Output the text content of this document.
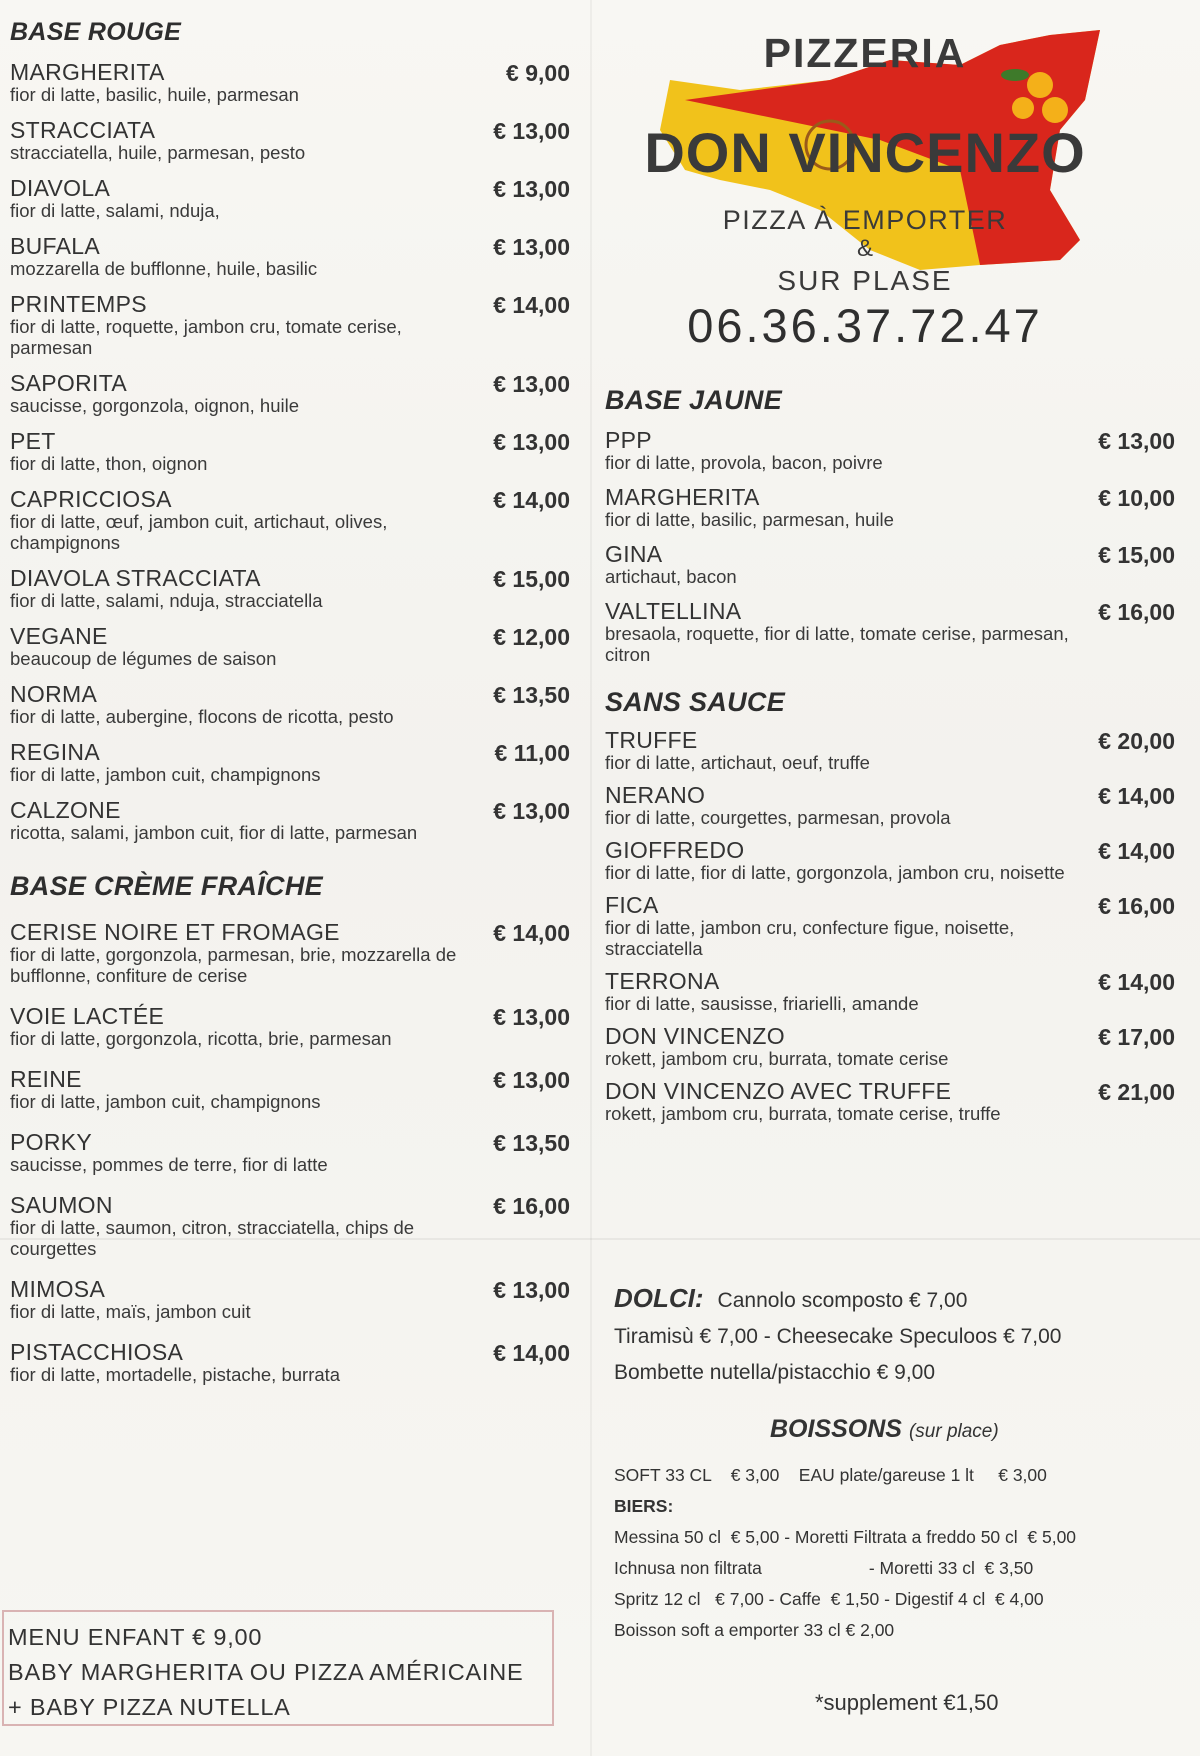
BASE ROUGE
€ 9,00
MARGHERITA
fior di latte, basilic, huile, parmesan
€ 13,00
STRACCIATA
stracciatella, huile, parmesan, pesto
€ 13,00
DIAVOLA
fior di latte, salami, nduja,
€ 13,00
BUFALA
mozzarella de bufflonne, huile, basilic
€ 14,00
PRINTEMPS
fior di latte, roquette, jambon cru, tomate cerise, parmesan
€ 13,00
SAPORITA
saucisse, gorgonzola, oignon, huile
€ 13,00
PET
fior di latte, thon, oignon
€ 14,00
CAPRICCIOSA
fior di latte, œuf, jambon cuit, artichaut, olives, champignons
€ 15,00
DIAVOLA STRACCIATA
fior di latte, salami, nduja, stracciatella
€ 12,00
VEGANE
beaucoup de légumes de saison
€ 13,50
NORMA
fior di latte, aubergine, flocons de ricotta, pesto
€ 11,00
REGINA
fior di latte, jambon cuit, champignons
€ 13,00
CALZONE
ricotta, salami, jambon cuit, fior di latte, parmesan
BASE CRÈME FRAÎCHE
€ 14,00
CERISE NOIRE ET FROMAGE
fior di latte, gorgonzola, parmesan, brie, mozzarella de bufflonne, confiture de cerise
€ 13,00
VOIE LACTÉE
fior di latte, gorgonzola, ricotta, brie, parmesan
€ 13,00
REINE
fior di latte, jambon cuit, champignons
€ 13,50
PORKY
saucisse, pommes de terre, fior di latte
€ 16,00
SAUMON
fior di latte, saumon, citron, stracciatella, chips de courgettes
€ 13,00
MIMOSA
fior di latte, maïs, jambon cuit
€ 14,00
PISTACCHIOSA
fior di latte, mortadelle, pistache, burrata
MENU ENFANT € 9,00
BABY MARGHERITA OU PIZZA AMÉRICAINE
+ BABY PIZZA NUTELLA
PIZZERIA
DON VINCENZO
PIZZA À EMPORTER
&
SUR PLASE
06.36.37.72.47
BASE JAUNE
€ 13,00
PPP
fior di latte, provola, bacon, poivre
€ 10,00
MARGHERITA
fior di latte, basilic, parmesan, huile
€ 15,00
GINA
artichaut, bacon
€ 16,00
VALTELLINA
bresaola, roquette, fior di latte, tomate cerise, parmesan, citron
SANS SAUCE
€ 20,00
TRUFFE
fior di latte, artichaut, oeuf, truffe
€ 14,00
NERANO
fior di latte, courgettes, parmesan, provola
€ 14,00
GIOFFREDO
fior di latte, fior di latte, gorgonzola, jambon cru, noisette
€ 16,00
FICA
fior di latte, jambon cru, confecture figue, noisette, stracciatella
€ 14,00
TERRONA
fior di latte, sausisse, friarielli, amande
€ 17,00
DON VINCENZO
rokett, jambom cru, burrata, tomate cerise
€ 21,00
DON VINCENZO AVEC TRUFFE
rokett, jambom cru, burrata, tomate cerise, truffe
DOLCI: Cannolo scomposto € 7,00
Tiramisù € 7,00 - Cheesecake Speculoos € 7,00
Bombette nutella/pistacchio € 9,00
BOISSONS (sur place)
SOFT 33 CL    € 3,00    EAU plate/gareuse 1 lt     € 3,00
BIERS:
Messina 50 cl  € 5,00 - Moretti Filtrata a freddo 50 cl  € 5,00
Ichnusa non filtrata                      - Moretti 33 cl  € 3,50
Spritz 12 cl   € 7,00 - Caffe  € 1,50 - Digestif 4 cl  € 4,00
Boisson soft a emporter 33 cl € 2,00
*supplement €1,50
